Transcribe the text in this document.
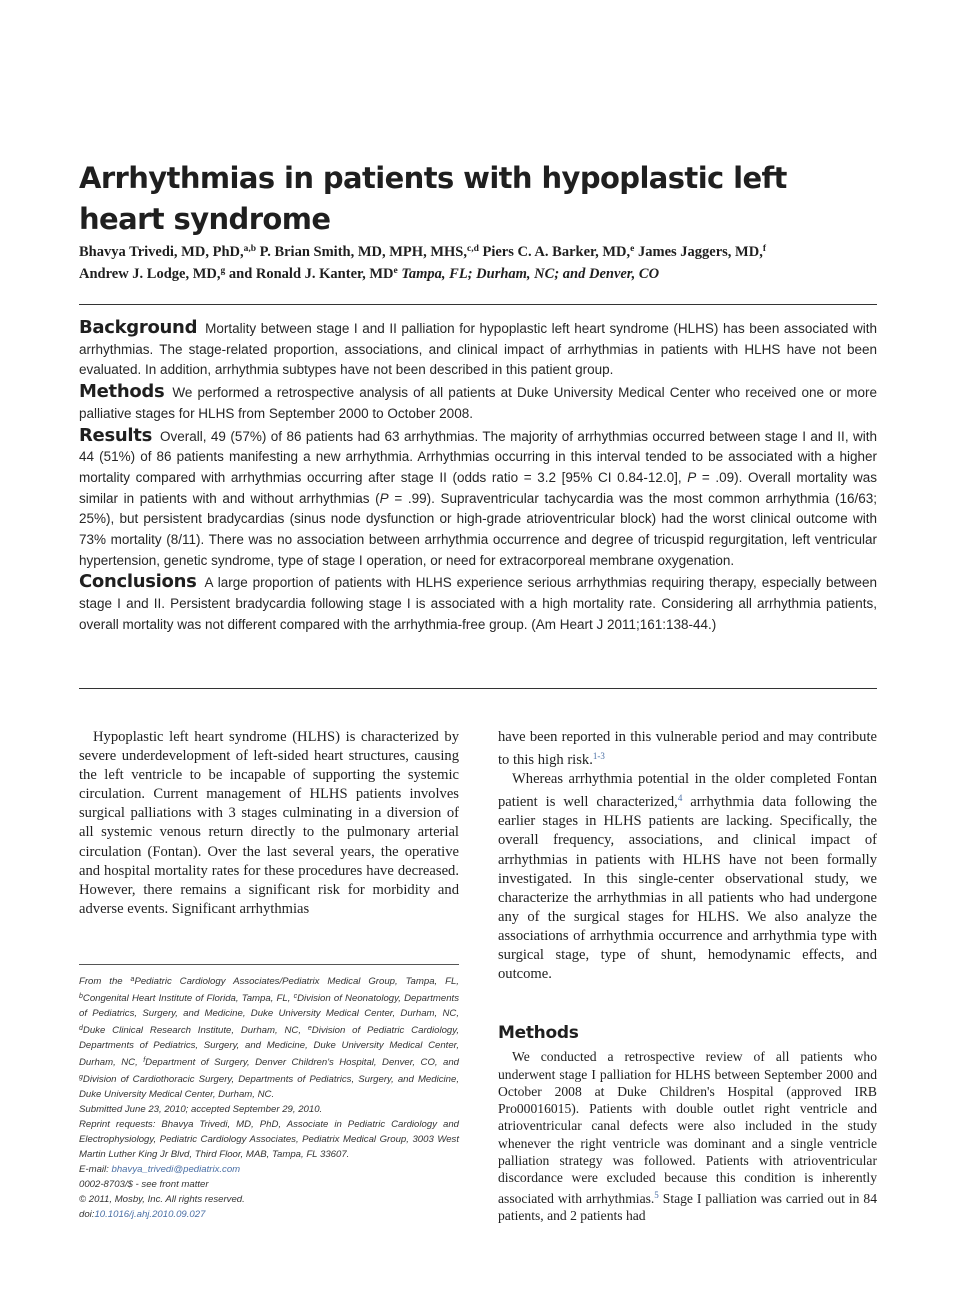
Arrhythmias in patients with hypoplastic left heart syndrome
Bhavya Trivedi, MD, PhD,$^{a,b}$ P. Brian Smith, MD, MPH, MHS,$^{c,d}$ Piers C. A. Barker, MD,$^e$ James Jaggers, MD,$^f$
Andrew J. Lodge, MD,$^g$ and Ronald J. Kanter, MDe Tampa, FL; Durham, NC; and Denver, CO

Background Mortality between stage I and II palliation for hypoplastic left heart syndrome (HLHS) has been associated with arrhythmias. The stage-related proportion, associations, and clinical impact of arrhythmias in patients with HLHS have not been evaluated. In addition, arrhythmia subtypes have not been described in this patient group.

Methods We performed a retrospective analysis of all patients at Duke University Medical Center who received one or more palliative stages for HLHS from September 2000 to October 2008.

Results Overall, 49 (57%) of 86 patients had 63 arrhythmias. The majority of arrhythmias occurred between stage I and II, with 44 (51%) of 86 patients manifesting a new arrhythmia. Arrhythmias occurring in this interval tended to be associated with a higher mortality compared with arrhythmias occurring after stage II (odds ratio = 3.2 [95% CI 0.84-12.0], P = .09). Overall mortality was similar in patients with and without arrhythmias (P = .99). Supraventricular tachycardia was the most common arrhythmia (16/63; 25%), but persistent bradycardias (sinus node dysfunction or high-grade atrioventricular block) had the worst clinical outcome with 73% mortality (8/11). There was no association between arrhythmia occurrence and degree of tricuspid regurgitation, left ventricular hypertension, genetic syndrome, type of stage I operation, or need for extracorporeal membrane oxygenation.

Conclusions A large proportion of patients with HLHS experience serious arrhythmias requiring therapy, especially between stage I and II. Persistent bradycardia following stage I is associated with a high mortality rate. Considering all arrhythmia patients, overall mortality was not different compared with the arrhythmia-free group. (Am Heart J 2011;161:138-44.)

Hypoplastic left heart syndrome (HLHS) is characterized by severe underdevelopment of left-sided heart structures, causing the left ventricle to be incapable of supporting the systemic circulation. Current management of HLHS patients involves surgical palliations with 3 stages culminating in a diversion of all systemic venous return directly to the pulmonary arterial circulation (Fontan). Over the last several years, the operative and hospital mortality rates for these procedures have decreased. However, there remains a significant risk for morbidity and adverse events. Significant arrhythmias

From the $^a$Pediatric Cardiology Associates/Pediatrix Medical Group, Tampa, FL, $^b$Congenital Heart Institute of Florida, Tampa, FL, $^c$Division of Neonatology, Departments of Pediatrics, Surgery, and Medicine, Duke University Medical Center, Durham, NC, $^d$Duke Clinical Research Institute, Durham, NC, $^e$Division of Pediatric Cardiology, Departments of Pediatrics, Surgery, and Medicine, Duke University Medical Center, Durham, NC, $^f$Department of Surgery, Denver Children's Hospital, Denver, CO, and $^g$Division of Cardiothoracic Surgery, Departments of Pediatrics, Surgery, and Medicine, Duke University Medical Center, Durham, NC.

Submitted June 23, 2010; accepted September 29, 2010.

Reprint requests: Bhavya Trivedi, MD, PhD, Associate in Pediatric Cardiology and Electrophysiology, Pediatric Cardiology Associates, Pediatrix Medical Group, 3003 West Martin Luther King Jr Blvd, Third Floor, MAB, Tampa, FL 33607.

E-mail: bhavya_trivedi@pediatrix.com

0002-8703/$ - see front matter

© 2011, Mosby, Inc. All rights reserved.

doi:10.1016/j.ahj.2010.09.027

have been reported in this vulnerable period and may contribute to this high risk.$^{1-3}$

Whereas arrhythmia potential in the older completed Fontan patient is well characterized,$^4$ arrhythmia data following the earlier stages in HLHS patients are lacking. Specifically, the overall frequency, associations, and clinical impact of arrhythmias in patients with HLHS have not been formally investigated. In this single-center observational study, we characterize the arrhythmias in all patients who had undergone any of the surgical stages for HLHS. We also analyze the associations of arrhythmia occurrence and arrhythmia type with surgical stage, type of shunt, hemodynamic effects, and outcome.

Methods

We conducted a retrospective review of all patients who underwent stage I palliation for HLHS between September 2000 and October 2008 at Duke Children's Hospital (approved IRB Pro00016015). Patients with double outlet right ventricle and atrioventricular canal defects were also included in the study whenever the right ventricle was dominant and a single ventricle palliation strategy was followed. Patients with atrioventricular discordance were excluded because this condition is inherently associated with arrhythmias.$^5$ Stage I palliation was carried out in 84 patients, and 2 patients had
